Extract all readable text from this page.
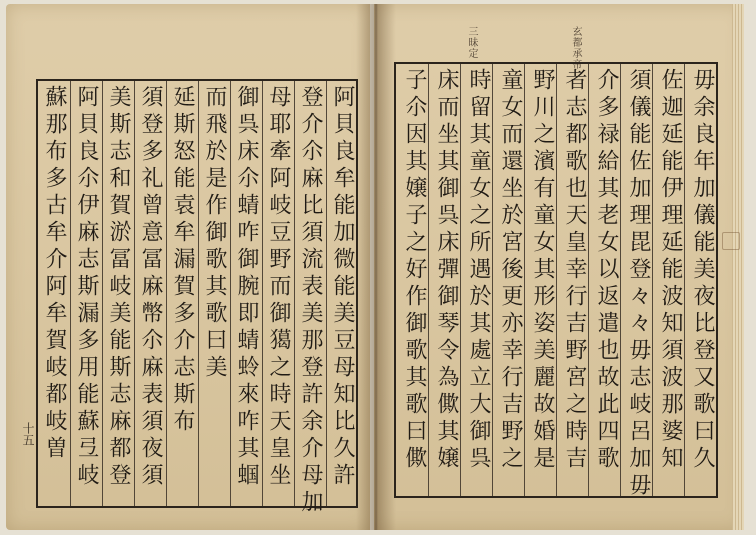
阿貝良牟能加微能美豆母知比久許
登介尒麻比須流表美那登許余介母加
母耶牽阿岐豆野而御獦之時天皇坐
御呉床尒蜻咋御腕即蜻蛉來咋其蝈
而飛於是作御歌其歌曰美
延斯怒能袁牟漏賀多介志斯布
須登多礼曾意冨麻幣尒麻表須夜須
美斯志和賀淤冨岐美能斯志麻都登
阿貝良尒伊麻志斯漏多用能蘇弖岐
蘇那布多古牟介阿牟賀岐都岐曽
十五
玄都承帝
三昧定
毋余良年加儀能美夜比登又歌曰久
佐迦延能伊理延能波知須波那婆知
須儀能佐加理毘登々々毋志岐呂加毋
介多禄給其老女以返遣也故此四歌
者志都歌也天皇幸行吉野宮之時吉
野川之濱有童女其形姿美麗故婚是
童女而還坐於宮後更亦幸行吉野之
時留其童女之所遇於其處立大御呉
床而坐其御呉床彈御琴令為僛其嬢
子尒因其嬢子之好作御歌其歌曰僛
